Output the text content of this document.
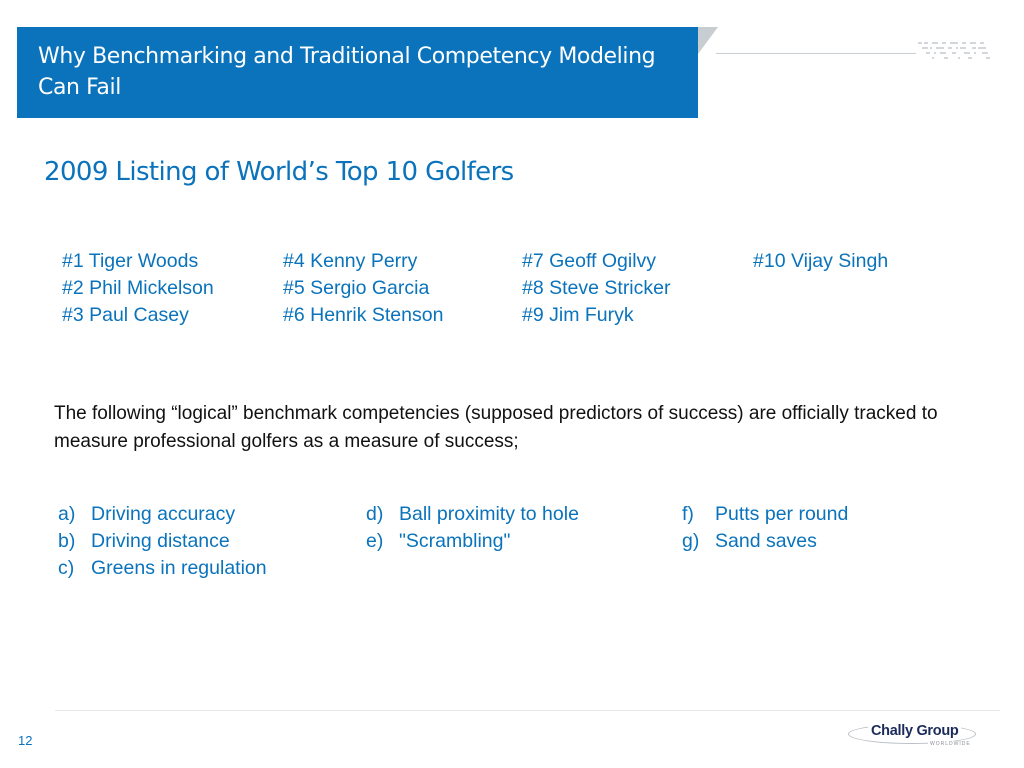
Why Benchmarking and Traditional Competency Modeling Can Fail
2009 Listing of World’s Top 10 Golfers
#1 Tiger Woods
#2 Phil Mickelson
#3 Paul Casey
#4 Kenny Perry
#5 Sergio Garcia
#6 Henrik Stenson
#7 Geoff Ogilvy
#8 Steve Stricker
#9 Jim Furyk
#10 Vijay Singh
The following “logical” benchmark competencies (supposed predictors of success) are officially tracked to measure professional golfers as a measure of success;
a) Driving accuracy
b) Driving distance
c) Greens in regulation
d) Ball proximity to hole
e) "Scrambling"
f)	Putts per round
g) Sand saves
12
Chally Group
WORLDWIDE
